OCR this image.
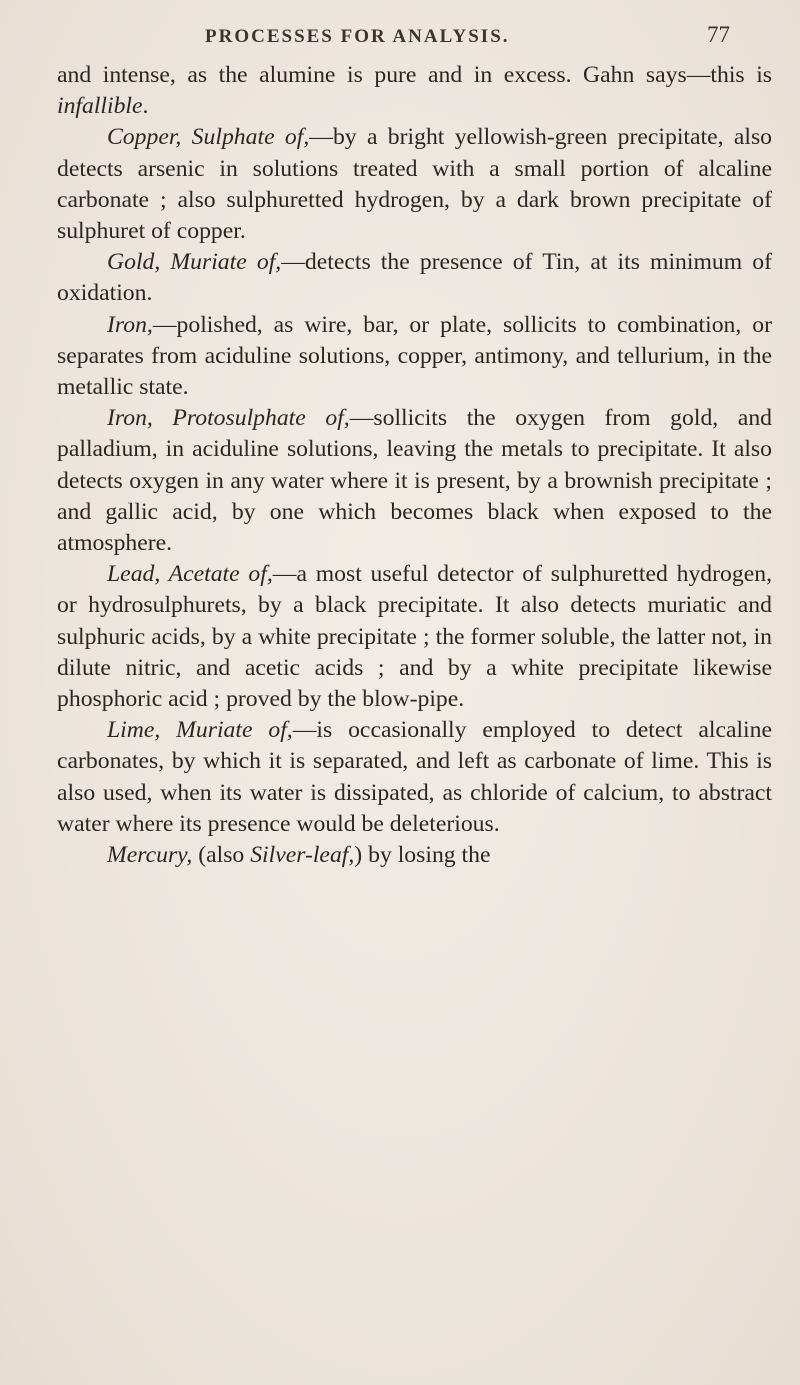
PROCESSES FOR ANALYSIS.	77

and intense, as the alumine is pure and in excess. Gahn says—this is infallible.

Copper, Sulphate of,—by a bright yellowish-green precipitate, also detects arsenic in solutions treated with a small portion of alcaline carbonate ; also sulphuretted hydrogen, by a dark brown precipitate of sulphuret of copper.

Gold, Muriate of,—detects the presence of Tin, at its minimum of oxidation.

Iron,—polished, as wire, bar, or plate, sollicits to combination, or separates from aciduline solutions, copper, antimony, and tellurium, in the metallic state.

Iron, Protosulphate of,—sollicits the oxygen from gold, and palladium, in aciduline solutions, leaving the metals to precipitate. It also detects oxygen in any water where it is present, by a brownish precipitate ; and gallic acid, by one which becomes black when exposed to the atmosphere.

Lead, Acetate of,—a most useful detector of sulphuretted hydrogen, or hydrosulphurets, by a black precipitate. It also detects muriatic and sulphuric acids, by a white precipitate ; the former soluble, the latter not, in dilute nitric, and acetic acids ; and by a white precipitate likewise phosphoric acid ; proved by the blow-pipe.

Lime, Muriate of,—is occasionally employed to detect alcaline carbonates, by which it is separated, and left as carbonate of lime. This is also used, when its water is dissipated, as chloride of calcium, to abstract water where its presence would be deleterious.

Mercury, (also Silver-leaf,) by losing the
